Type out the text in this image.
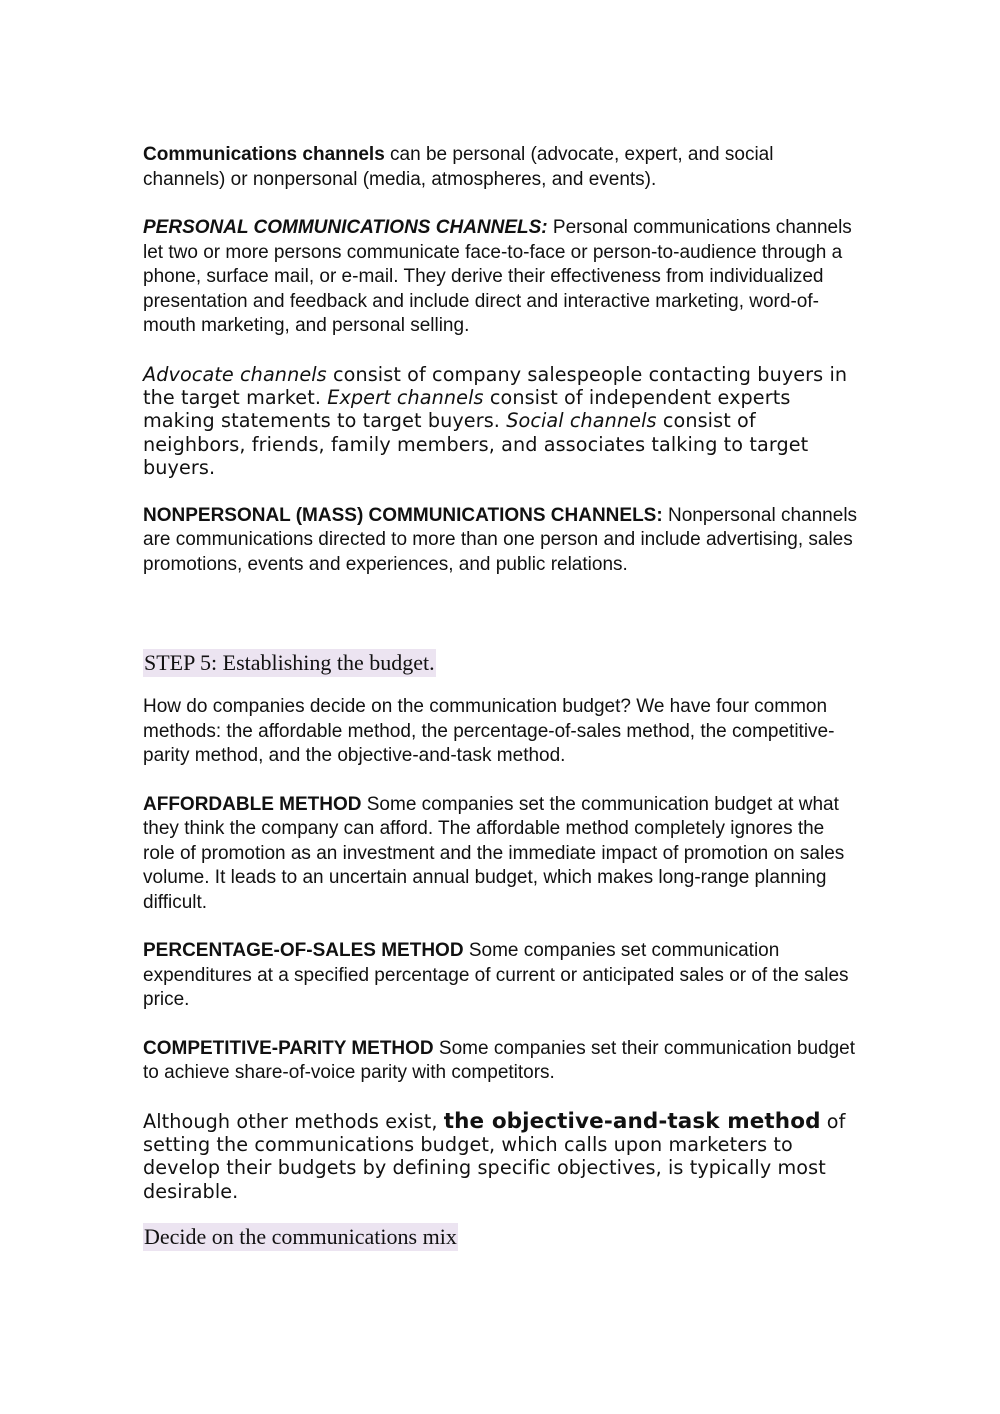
Communications channels can be personal (advocate, expert, and social channels) or nonpersonal (media, atmospheres, and events).

PERSONAL COMMUNICATIONS CHANNELS: Personal communications channels let two or more persons communicate face-to-face or person-to-audience through a phone, surface mail, or e-mail. They derive their effectiveness from individualized presentation and feedback and include direct and interactive marketing, word-of-mouth marketing, and personal selling.

Advocate channels consist of company salespeople contacting buyers in the target market. Expert channels consist of independent experts making statements to target buyers. Social channels consist of neighbors, friends, family members, and associates talking to target buyers.

NONPERSONAL (MASS) COMMUNICATIONS CHANNELS: Nonpersonal channels are communications directed to more than one person and include advertising, sales promotions, events and experiences, and public relations.

STEP 5: Establishing the budget.

How do companies decide on the communication budget? We have four common methods: the affordable method, the percentage-of-sales method, the competitive-parity method, and the objective-and-task method.

AFFORDABLE METHOD Some companies set the communication budget at what they think the company can afford. The affordable method completely ignores the role of promotion as an investment and the immediate impact of promotion on sales volume. It leads to an uncertain annual budget, which makes long-range planning difficult.

PERCENTAGE-OF-SALES METHOD Some companies set communication expenditures at a specified percentage of current or anticipated sales or of the sales price.

COMPETITIVE-PARITY METHOD Some companies set their communication budget to achieve share-of-voice parity with competitors.

Although other methods exist, the objective-and-task method of setting the communications budget, which calls upon marketers to develop their budgets by defining specific objectives, is typically most desirable.

Decide on the communications mix
